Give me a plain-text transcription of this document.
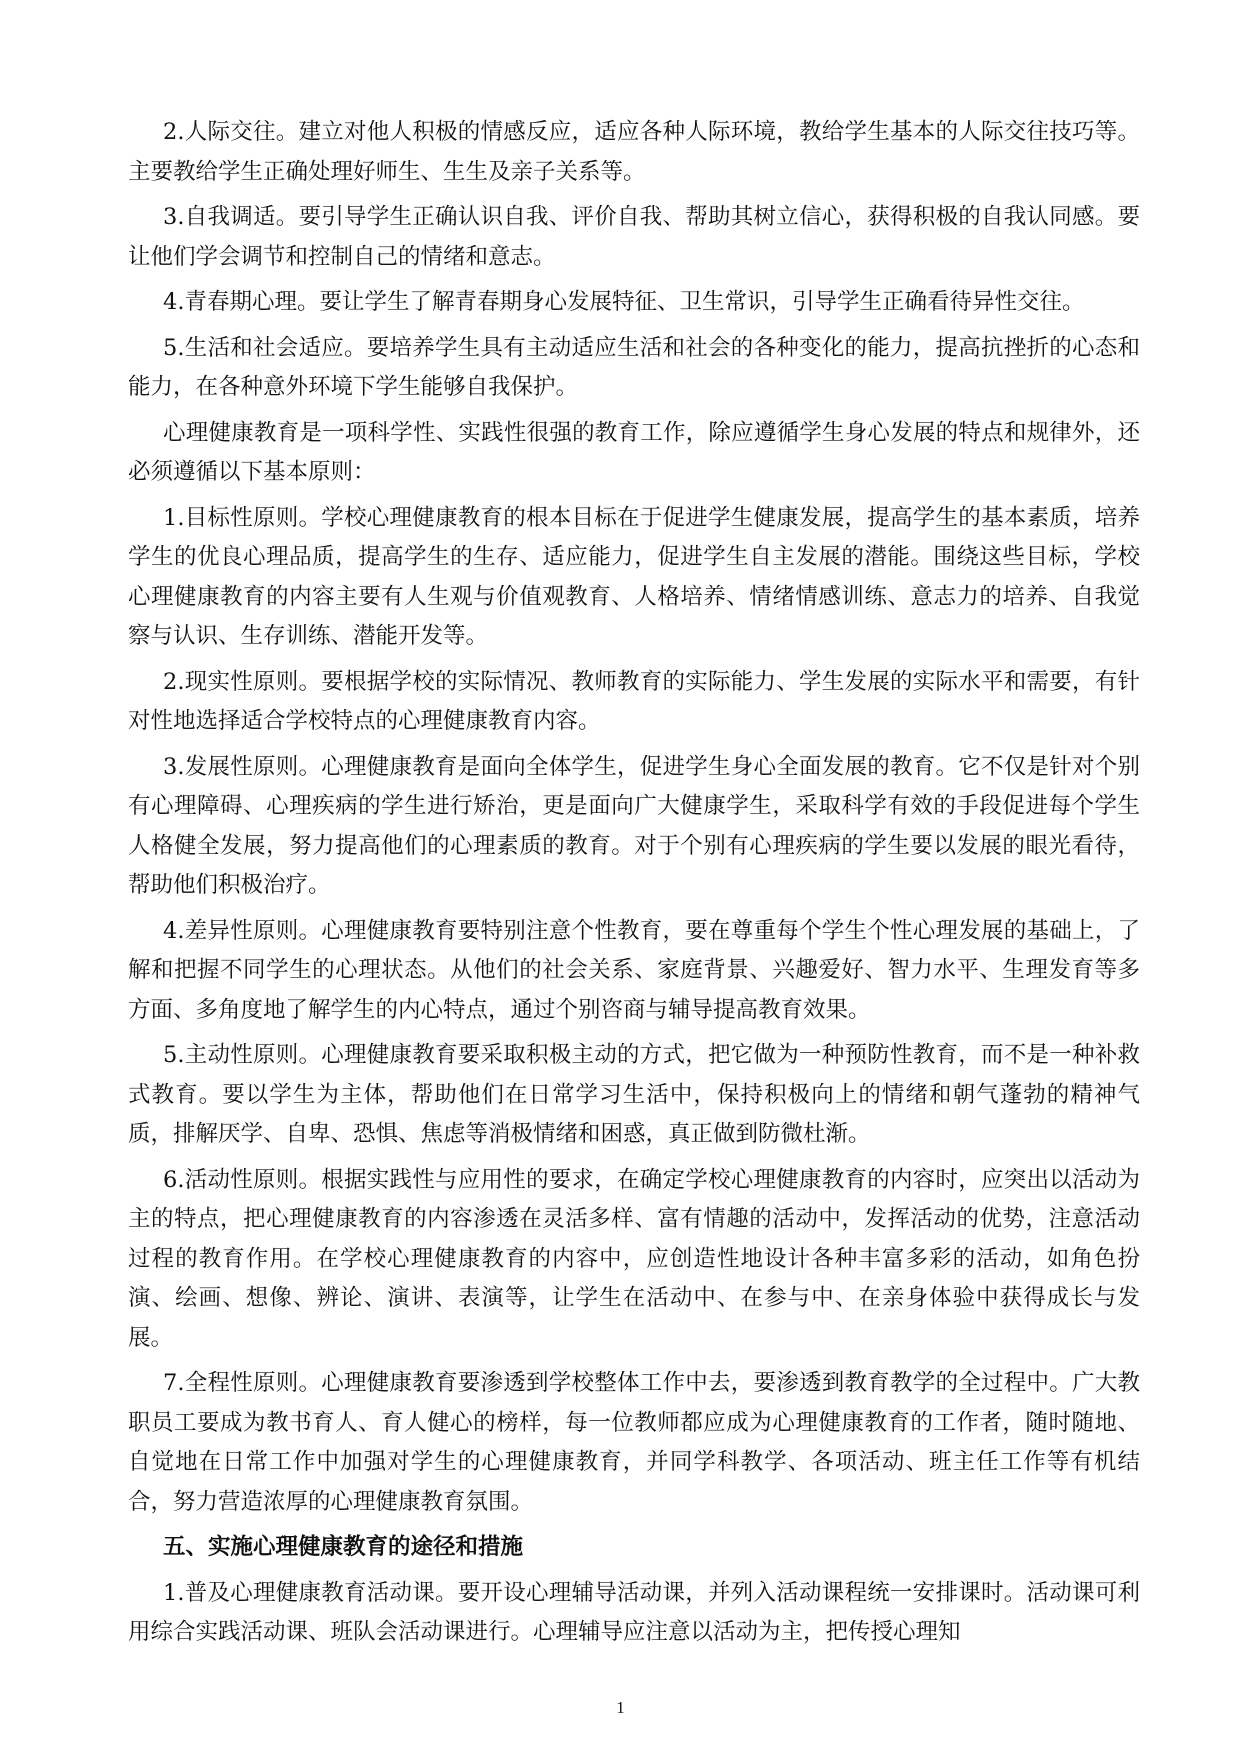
2.人际交往。建立对他人积极的情感反应，适应各种人际环境，教给学生基本的人际交往技巧等。主要教给学生正确处理好师生、生生及亲子关系等。

3.自我调适。要引导学生正确认识自我、评价自我、帮助其树立信心，获得积极的自我认同感。要让他们学会调节和控制自己的情绪和意志。

4.青春期心理。要让学生了解青春期身心发展特征、卫生常识，引导学生正确看待异性交往。

5.生活和社会适应。要培养学生具有主动适应生活和社会的各种变化的能力，提高抗挫折的心态和能力，在各种意外环境下学生能够自我保护。

心理健康教育是一项科学性、实践性很强的教育工作，除应遵循学生身心发展的特点和规律外，还必须遵循以下基本原则：

1.目标性原则。学校心理健康教育的根本目标在于促进学生健康发展，提高学生的基本素质，培养学生的优良心理品质，提高学生的生存、适应能力，促进学生自主发展的潜能。围绕这些目标，学校心理健康教育的内容主要有人生观与价值观教育、人格培养、情绪情感训练、意志力的培养、自我觉察与认识、生存训练、潜能开发等。

2.现实性原则。要根据学校的实际情况、教师教育的实际能力、学生发展的实际水平和需要，有针对性地选择适合学校特点的心理健康教育内容。

3.发展性原则。心理健康教育是面向全体学生，促进学生身心全面发展的教育。它不仅是针对个别有心理障碍、心理疾病的学生进行矫治，更是面向广大健康学生，采取科学有效的手段促进每个学生人格健全发展，努力提高他们的心理素质的教育。对于个别有心理疾病的学生要以发展的眼光看待，帮助他们积极治疗。

4.差异性原则。心理健康教育要特别注意个性教育，要在尊重每个学生个性心理发展的基础上，了解和把握不同学生的心理状态。从他们的社会关系、家庭背景、兴趣爱好、智力水平、生理发育等多方面、多角度地了解学生的内心特点，通过个别咨商与辅导提高教育效果。

5.主动性原则。心理健康教育要采取积极主动的方式，把它做为一种预防性教育，而不是一种补救式教育。要以学生为主体，帮助他们在日常学习生活中，保持积极向上的情绪和朝气蓬勃的精神气质，排解厌学、自卑、恐惧、焦虑等消极情绪和困惑，真正做到防微杜渐。

6.活动性原则。根据实践性与应用性的要求，在确定学校心理健康教育的内容时，应突出以活动为主的特点，把心理健康教育的内容渗透在灵活多样、富有情趣的活动中，发挥活动的优势，注意活动过程的教育作用。在学校心理健康教育的内容中，应创造性地设计各种丰富多彩的活动，如角色扮演、绘画、想像、辨论、演讲、表演等，让学生在活动中、在参与中、在亲身体验中获得成长与发展。

7.全程性原则。心理健康教育要渗透到学校整体工作中去，要渗透到教育教学的全过程中。广大教职员工要成为教书育人、育人健心的榜样，每一位教师都应成为心理健康教育的工作者，随时随地、自觉地在日常工作中加强对学生的心理健康教育，并同学科教学、各项活动、班主任工作等有机结合，努力营造浓厚的心理健康教育氛围。

五、实施心理健康教育的途径和措施

1.普及心理健康教育活动课。要开设心理辅导活动课，并列入活动课程统一安排课时。活动课可利用综合实践活动课、班队会活动课进行。心理辅导应注意以活动为主，把传授心理知

1
